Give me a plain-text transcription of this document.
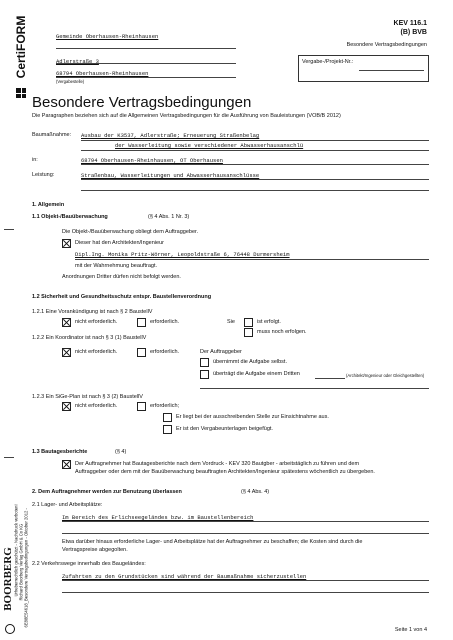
CertiFORM
BOORBERG Urheberrechtlich geschützt - Nachdruck verboten! Richard Boorberg Verlag GmbH & Co KG 6E88E54618_Besondere Vertragsbedingungen - Oktober 2012 -
Gemeinde Oberhausen-Rheinhausen
Adlerstraße 3
68794 Oberhausen-Rheinhausen
(Vergabestelle)
KEV 116.1
(B) BVB
Besondere Vertragsbedingungen
Vergabe-/Projekt-Nr.:
Besondere Vertragsbedingungen
Die Paragraphen beziehen sich auf die Allgemeinen Vertragsbedingungen für die Ausführung von Bauleistungen (VOB/B 2012)
Baumaßnahme: Ausbau der K3537, Adlerstraße; Erneuerung Straßenbelag
der Wasserleitung sowie verschiedener Abwasserhausanschlü
in:	68794 Oberhausen-Rheinhausen, OT Oberhausen
Leistung:	Straßenbau, Wasserleitungen und Abwasserhausanschlüsse
1. Allgemein
1.1 Objekt-/Bauüberwachung	(§ 4 Abs. 1 Nr. 3)
Die Objekt-/Bauüberwachung obliegt dem Auftraggeber.
Dieser hat den Architekten/Ingenieur
Dipl.Ing. Monika Pritz-Wörner, Leopoldstraße 6, 76448 Durmersheim
mit der Wahrnehmung beauftragt.
Anordnungen Dritter dürfen nicht befolgt werden.
1.2 Sicherheit und Gesundheitsschutz entspr. Baustellenverordnung
1.2.1 Eine Vorankündigung ist nach § 2 BaustellV
nicht erforderlich.	erforderlich.	Sie	ist erfolgt.
muss noch erfolgen.
1.2.2 Ein Koordinator ist nach § 3 (1) BaustellV
nicht erforderlich.	erforderlich.	Der Auftraggeber
übernimmt die Aufgabe selbst.
überträgt die Aufgabe einem Dritten	(Architekt/Ingenieur oder Gleichgestellten)
1.2.3 Ein SiGe-Plan ist nach § 3 (2) BaustellV
nicht erforderlich.	erforderlich;
Er liegt bei der ausschreibenden Stelle zur Einsichtnahme aus.
Er ist den Vergabeunterlagen beigefügt.
1.3 Bautagesberichte	(§ 4)
Der Auftragnehmer hat Bautagesberichte nach dem Vordruck - KEV 320 Bautgber - arbeitstäglich zu führen und dem
Auftraggeber oder dem mit der Bauüberwachung beauftragten Architekten/Ingenieur spätestens wöchentlich zu übergeben.
2. Dem Auftragnehmer werden zur Benutzung überlassen	(§ 4 Abs. 4)
2.1 Lager- und Arbeitsplätze:
Im Bereich des Erlichseegeländes bzw. im Baustellenbereich
Etwa darüber hinaus erforderliche Lager- und Arbeitsplätze hat der Auftragnehmer zu beschaffen; die Kosten sind durch die
Vertragspreise abgegolten.
2.2 Verkehrswege innerhalb des Baugeländes:
Zufahrten zu den Grundstücken sind während der Baumaßnahme sicherzustellen
Seite 1 von 4
